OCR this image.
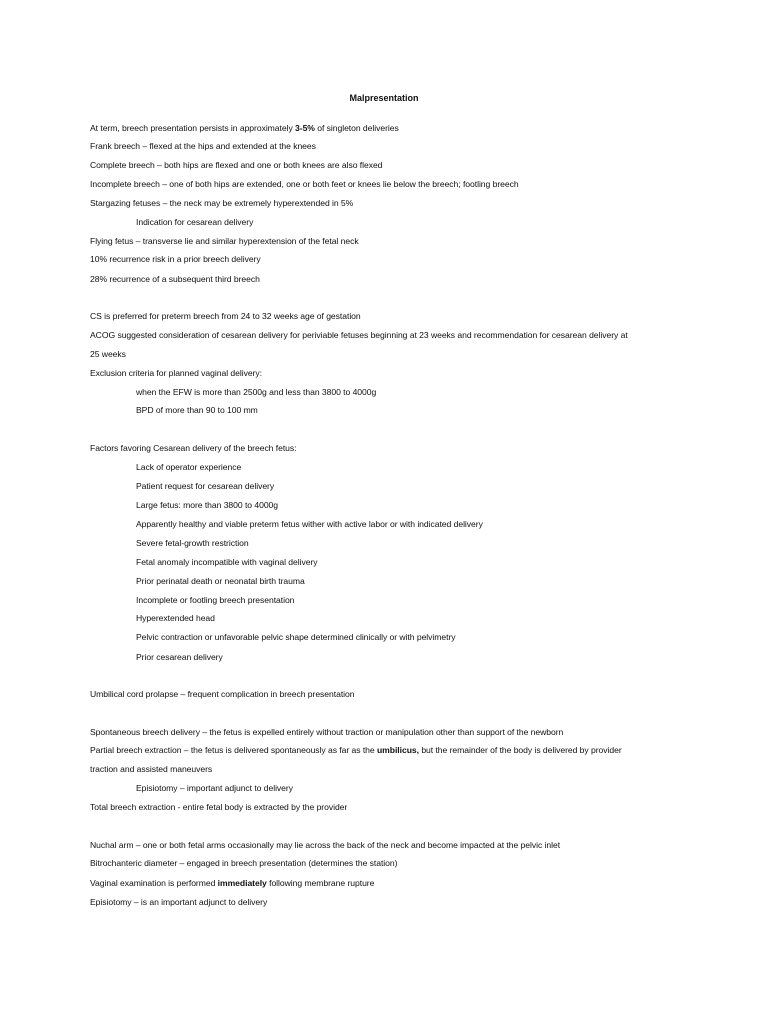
Malpresentation
At term, breech presentation persists in approximately 3-5% of singleton deliveries
Frank breech – flexed at the hips and extended at the knees
Complete breech – both hips are flexed and one or both knees are also flexed
Incomplete breech – one of both hips are extended, one or both feet or knees lie below the breech; footling breech
Stargazing fetuses – the neck may be extremely hyperextended in 5%
Indication for cesarean delivery
Flying fetus – transverse lie and similar hyperextension of the fetal neck
10% recurrence risk in a prior breech delivery
28% recurrence of a subsequent third breech
CS is preferred for preterm breech from 24 to 32 weeks age of gestation
ACOG suggested consideration of cesarean delivery for periviable fetuses beginning at 23 weeks and recommendation for cesarean delivery at
25 weeks
Exclusion criteria for planned vaginal delivery:
when the EFW is more than 2500g and less than 3800 to 4000g
BPD of more than 90 to 100 mm
Factors favoring Cesarean delivery of the breech fetus:
Lack of operator experience
Patient request for cesarean delivery
Large fetus: more than 3800 to 4000g
Apparently healthy and viable preterm fetus wither with active labor or with indicated delivery
Severe fetal-growth restriction
Fetal anomaly incompatible with vaginal delivery
Prior perinatal death or neonatal birth trauma
Incomplete or footling breech presentation
Hyperextended head
Pelvic contraction or unfavorable pelvic shape determined clinically or with pelvimetry
Prior cesarean delivery
Umbilical cord prolapse – frequent complication in breech presentation
Spontaneous breech delivery – the fetus is expelled entirely without traction or manipulation other than support of the newborn
Partial breech extraction – the fetus is delivered spontaneously as far as the umbilicus, but the remainder of the body is delivered by provider
traction and assisted maneuvers
Episiotomy – important adjunct to delivery
Total breech extraction - entire fetal body is extracted by the provider
Nuchal arm – one or both fetal arms occasionally may lie across the back of the neck and become impacted at the pelvic inlet
Bitrochanteric diameter – engaged in breech presentation (determines the station)
Vaginal examination is performed immediately following membrane rupture
Episiotomy – is an important adjunct to delivery
